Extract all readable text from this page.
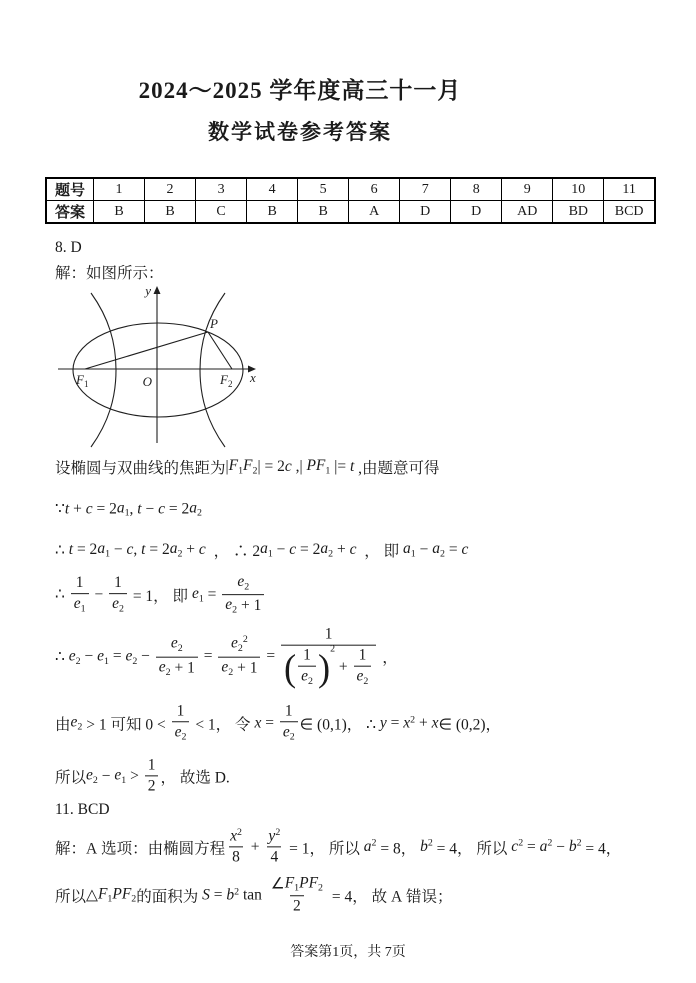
2024～2025 学年度高三十一月
数学试卷参考答案
题号	1	2	3	4	5	6	7	8	9	10	11
答案	B	B	C	B	B	A	D	D	AD	BD	BCD
8. D
解：如图所示：
y
x
O
P
$F_1$	$F_2$
设椭圆与双曲线的焦距为 | $F_1$ $F_2$ | = 2 c ,| $PF_1$ |= t ,由题意可得
∵ t + c = 2 $a_1$ , t − c = 2 $a_2$
∴ t = 2 $a_1 - c$ , t = 2 $a_2 + c$ ， ∴ 2 $a_1 - c = 2$ $a_2 + c$ ， 即 $a_1 - a_2 = c$
∴ $\frac{1}{e_1} - \frac{1}{e_2} = 1$， 即 $e_1 = \frac{e_2}{e_2 + 1}$
∴ $e_2 - e_1 = e_2 - \frac{e_2}{e_2 + 1} = \frac{e_2^2}{e_2 + 1} = 1$
( $\frac{1}{e_2}$ ) 2
+ $\frac{1}{e_2}$ ，
由 $e_2 > 1$ 可知 $0 < \frac{1}{e_2} < 1$， 令 $x = \frac{1}{e_2}$ ∈ (0,1)， ∴ $y = x^2 + x$ ∈ (0,2)，
所以 $e_2 - e_1 > \frac{1}{2}$ ， 故选 D.
11. BCD
解：A 选项：由椭圆方程 $\frac{x^2}{8} + \frac{y^2}{4} = 1$， 所以 $a^2 = 8$， $b^2 = 4$， 所以 $c^2 = a^2 - b^2 = 4$，
所以 △ $F_1$ $PF_2$ 的面积为 $S = b^2$ $\tan \frac{\angle F_1 PF_2}{2} = 4$， 故 A 错误；
答案第1页，共 7页
